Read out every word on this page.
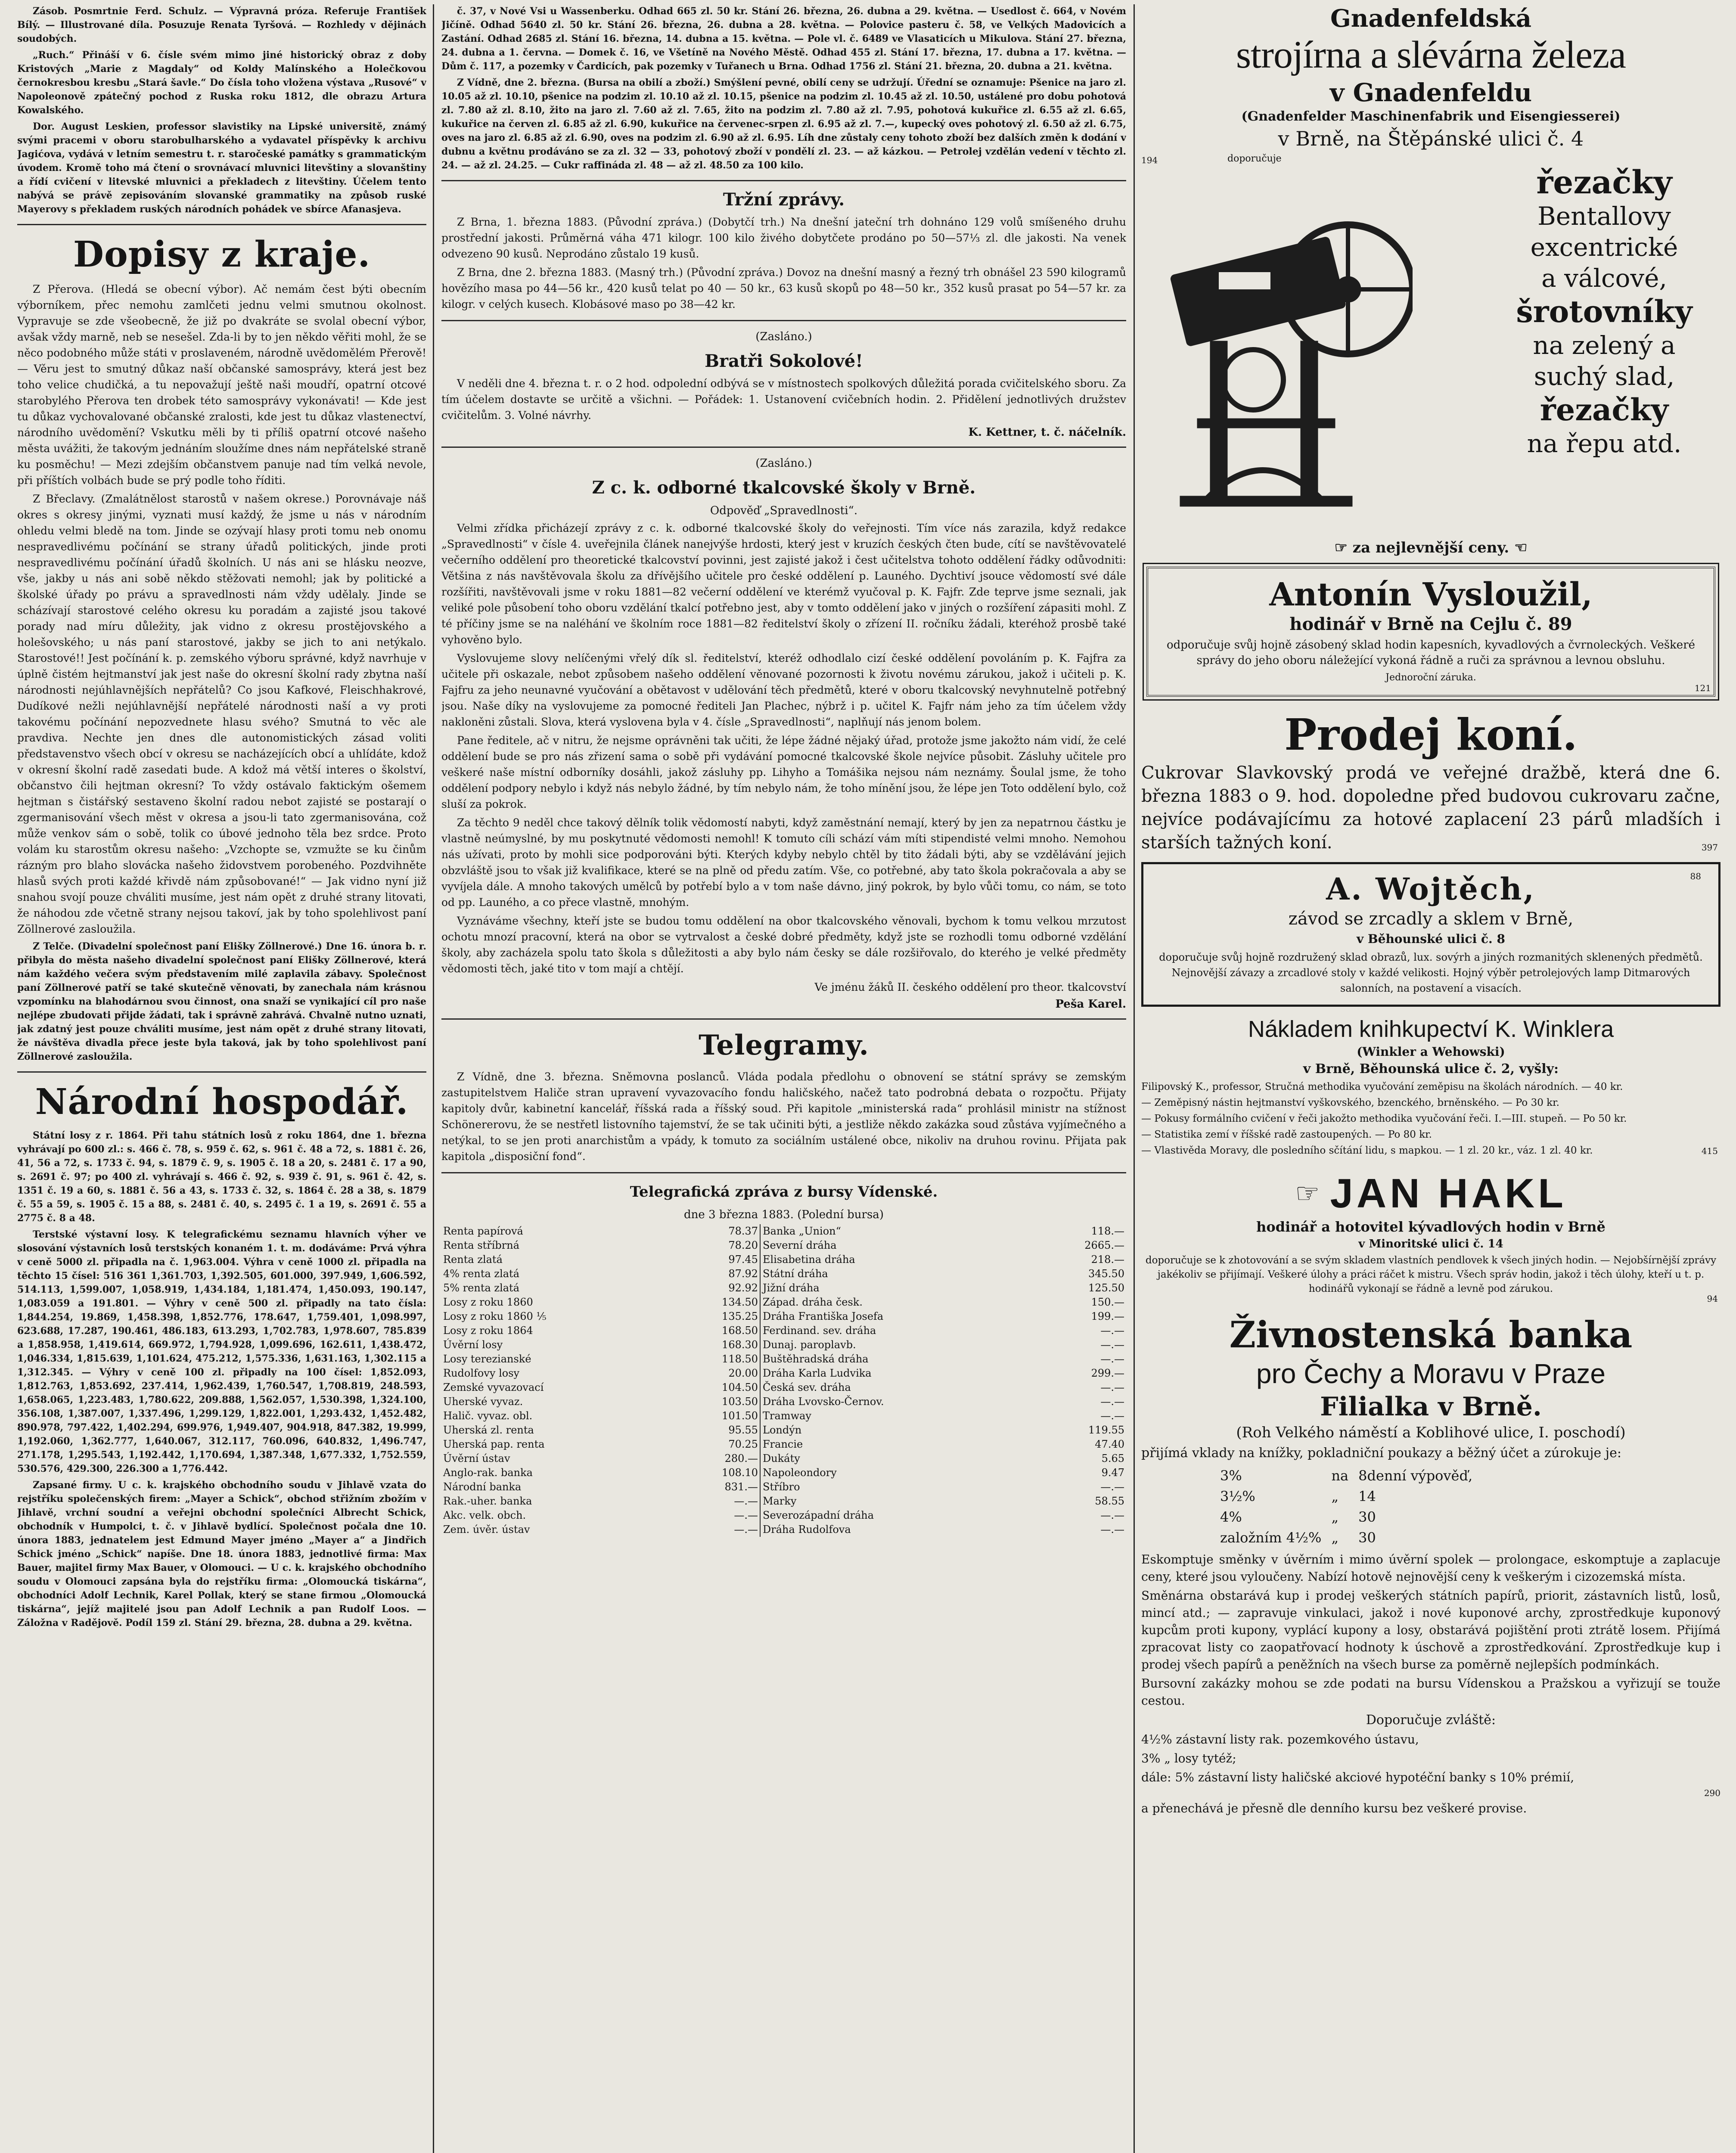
Zásob. Posmrtnie Ferd. Schulz. — Výpravná próza. Referuje František Bílý. — Illustrované díla. Posuzuje Renata Tyršová. — Rozhledy v dějinách soudobých.

„Ruch.“ Přináší v 6. čísle svém mimo jiné historický obraz z doby Kristových „Marie z Magdaly“ od Koldy Malínského a Holečkovou černokresbou kresbu „Stará šavle.“ Do čísla toho vložena výstava „Rusové“ v Napoleonově zpátečný pochod z Ruska roku 1812, dle obrazu Artura Kowalského.

Dor. August Leskien, professor slavistiky na Lipské universitě, známý svými pracemi v oboru starobulharského a vydavatel příspěvky k archivu Jagićova, vydává v letním semestru t. r. staročeské památky s grammatickým úvodem. Kromě toho má čtení o srovnávací mluvnici litevštiny a slovanštiny a řídí cvičení v litevské mluvnici a překladech z litevštiny. Účelem tento nabývá se právě zepisováním slovanské grammatiky na způsob ruské Mayerovy s překladem ruských národních pohádek ve sbírce Afanasjeva.

Dopisy z kraje.

Z Přerova. (Hledá se obecní výbor). Ač nemám čest býti obecním výborníkem, přec nemohu zamlčeti jednu velmi smutnou okolnost. Vypravuje se zde všeobecně, že již po dvakráte se svolal obecní výbor, avšak vždy marně, neb se nesešel. Zda-li by to jen někdo věřiti mohl, že se něco podobného může státi v proslaveném, národně uvědomělém Přerově! — Věru jest to smutný důkaz naší občanské samosprávy, která jest bez toho velice chudičká, a tu nepovažují ještě naši moudří, opatrní otcové starobylého Přerova ten drobek této samosprávy vykonávati! — Kde jest tu důkaz vychovalované občanské zralosti, kde jest tu důkaz vlastenectví, národního uvědomění? Vskutku měli by ti příliš opatrní otcové našeho města uvážiti, že takovým jednáním sloužíme dnes nám nepřátelské straně ku posměchu! — Mezi zdejším občanstvem panuje nad tím velká nevole, při příštích volbách bude se prý podle toho říditi.

Z Břeclavy. (Zmalátnělost starostů v našem okrese.) Porovnávaje náš okres s okresy jinými, vyznati musí každý, že jsme u nás v národním ohledu velmi bledě na tom. Jinde se ozývají hlasy proti tomu neb onomu nespravedlivému počínání se strany úřadů politických, jinde proti nespravedlivému počínání úřadů školních. U nás ani se hlásku neozve, vše, jakby u nás ani sobě někdo stěžovati nemohl; jak by politické a školské úřady po právu a spravedlnosti nám vždy udělaly. Jinde se scházívají starostové celého okresu ku poradám a zajisté jsou takové porady nad míru důležity, jak vidno z okresu prostějovského a holešovského; u nás paní starostové, jakby se jich to ani netýkalo. Starostové!! Jest počínání k. p. zemského výboru správné, když navrhuje v úplně čistém hejtmanství jak jest naše do okresní školní rady zbytna naší národnosti nejúhlavnějších nepřátelů? Co jsou Kafkové, Fleischhakrové, Dudíkové nežli nejúhlavnější nepřátelé národnosti naší a vy proti takovému počínání nepozvednete hlasu svého? Smutná to věc ale pravdiva. Nechte jen dnes dle autonomistických zásad voliti představenstvo všech obcí v okresu se nacházejících obcí a uhlídáte, kdož v okresní školní radě zasedati bude. A kdož má větší interes o školství, občanstvo čili hejtman okresní? To vždy ostávalo faktickým ošemem hejtman s čistářský sestaveno školní radou nebot zajisté se postarají o zgermanisování všech měst v okresa a jsou-li tato zgermanisována, což může venkov sám o sobě, tolik co úbové jednoho těla bez srdce. Proto volám ku starostům okresu našeho: „Vzchopte se, vzmužte se ku činům rázným pro blaho slovácka našeho židovstvem porobeného. Pozdvihněte hlasů svých proti každé křivdě nám způsobované!“ — Jak vidno nyní již snahou svojí pouze chváliti musíme, jest nám opět z druhé strany litovati, že náhodou zde včetně strany nejsou takoví, jak by toho spolehlivost paní Zöllnerové zasloužila.

Z Telče. (Divadelní společnost paní Elišky Zöllnerové.) Dne 16. února b. r. přibyla do města našeho divadelní společnost paní Elišky Zöllnerové, která nám každého večera svým představením milé zaplavila zábavy. Společnost paní Zöllnerové patří se také skutečně věnovati, by zanechala nám krásnou vzpomínku na blahodárnou svou činnost, ona snaží se vynikající cíl pro naše nejlépe zbudovati přijde žádati, tak i správně zahrává. Chvalně nutno uznati, jak zdatný jest pouze chváliti musíme, jest nám opět z druhé strany litovati, že návštěva divadla přece jeste byla taková, jak by toho spolehlivost paní Zöllnerové zasloužila.

Národní hospodář.

Státní losy z r. 1864. Při tahu státních losů z roku 1864, dne 1. března vyhrávají po 600 zl.: s. 466 č. 78, s. 959 č. 62, s. 961 č. 48 a 72, s. 1881 č. 26, 41, 56 a 72, s. 1733 č. 94, s. 1879 č. 9, s. 1905 č. 18 a 20, s. 2481 č. 17 a 90, s. 2691 č. 97; po 400 zl. vyhrávají s. 466 č. 92, s. 939 č. 91, s. 961 č. 42, s. 1351 č. 19 a 60, s. 1881 č. 56 a 43, s. 1733 č. 32, s. 1864 č. 28 a 38, s. 1879 č. 55 a 59, s. 1905 č. 15 a 88, s. 2481 č. 40, s. 2495 č. 1 a 19, s. 2691 č. 55 a 2775 č. 8 a 48.

Terstské výstavní losy. K telegrafickému seznamu hlavních výher ve slosování výstavních losů terstských konaném 1. t. m. dodáváme: Prvá výhra v ceně 5000 zl. připadla na č. 1,963.004. Výhra v ceně 1000 zl. připadla na těchto 15 čísel: 516 361 1,361.703, 1,392.505, 601.000, 397.949, 1,606.592, 514.113, 1,599.007, 1,058.919, 1,434.184, 1,181.474, 1,450.093, 190.147, 1,083.059 a 191.801. — Výhry v ceně 500 zl. připadly na tato čísla: 1,844.254, 19.869, 1,458.398, 1,852.776, 178.647, 1,759.401, 1,098.997, 623.688, 17.287, 190.461, 486.183, 613.293, 1,702.783, 1,978.607, 785.839 a 1,858.958, 1,419.614, 669.972, 1,794.928, 1,099.696, 162.611, 1,438.472, 1,046.334, 1,815.639, 1,101.624, 475.212, 1,575.336, 1,631.163, 1,302.115 a 1,312.345. — Výhry v ceně 100 zl. připadly na 100 čísel: 1,852.093, 1,812.763, 1,853.692, 237.414, 1,962.439, 1,760.547, 1,708.819, 248.593, 1,658.065, 1,223.483, 1,780.622, 209.888, 1,562.057, 1,530.398, 1,324.100, 356.108, 1,387.007, 1,337.496, 1,299.129, 1,822.001, 1,293.432, 1,452.482, 890.978, 797.422, 1,402.294, 699.976, 1,949.407, 904.918, 847.382, 19.999, 1,192.060, 1,362.777, 1,640.067, 312.117, 760.096, 640.832, 1,496.747, 271.178, 1,295.543, 1,192.442, 1,170.694, 1,387.348, 1,677.332, 1,752.559, 530.576, 429.300, 226.300 a 1,776.442.

Zapsané firmy. U c. k. krajského obchodního soudu v Jihlavě vzata do rejstříku společenských firem: „Mayer a Schick“, obchod střižním zbožím v Jihlavě, vrchní soudní a veřejni obchodní společníci Albrecht Schick, obchodník v Humpolci, t. č. v Jihlavě bydlící. Společnost počala dne 10. února 1883, jednatelem jest Edmund Mayer jméno „Mayer a“ a Jindřich Schick jméno „Schick“ napíše. Dne 18. února 1883, jednotlivé firma: Max Bauer, majitel firmy Max Bauer, v Olomouci. — U c. k. krajského obchodního soudu v Olomouci zapsána byla do rejstříku firma: „Olomoucká tiskárna“, obchodníci Adolf Lechnik, Karel Pollak, který se stane firmou „Olomoucká tiskárna“, jejíž majitelé jsou pan Adolf Lechnik a pan Rudolf Loos. — Záložna v Radějově. Podíl 159 zl. Stání 29. března, 28. dubna a 29. května.

č. 37, v Nové Vsi u Wassenberku. Odhad 665 zl. 50 kr. Stání 26. března, 26. dubna a 29. května. — Usedlost č. 664, v Novém Jičíně. Odhad 5640 zl. 50 kr. Stání 26. března, 26. dubna a 28. května. — Polovice pasteru č. 58, ve Velkých Madovicích a Zastání. Odhad 2685 zl. Stání 16. března, 14. dubna a 15. května. — Pole vl. č. 6489 ve Vlasaticích u Mikulova. Stání 27. března, 24. dubna a 1. června. — Domek č. 16, ve Všetíně na Nového Městě. Odhad 455 zl. Stání 17. března, 17. dubna a 17. května. — Dům č. 117, a pozemky v Čardicích, pak pozemky v Tuřanech u Brna. Odhad 1756 zl. Stání 21. března, 20. dubna a 21. května.

Z Vídně, dne 2. března. (Bursa na obilí a zboží.) Smýšlení pevné, obilí ceny se udržují. Úřední se oznamuje: Pšenice na jaro zl. 10.05 až zl. 10.10, pšenice na podzim zl. 10.10 až zl. 10.15, pšenice na podzim zl. 10.45 až zl. 10.50, ustálené pro dobu pohotová zl. 7.80 až zl. 8.10, žito na jaro zl. 7.60 až zl. 7.65, žito na podzim zl. 7.80 až zl. 7.95, pohotová kukuřice zl. 6.55 až zl. 6.65, kukuřice na červen zl. 6.85 až zl. 6.90, kukuřice na červenec-srpen zl. 6.95 až zl. 7.—, kupecký oves pohotový zl. 6.50 až zl. 6.75, oves na jaro zl. 6.85 až zl. 6.90, oves na podzim zl. 6.90 až zl. 6.95. Líh dne zůstaly ceny tohoto zboží bez dalších změn k dodání v dubnu a květnu prodáváno se za zl. 32 — 33, pohotový zboží v pondělí zl. 23. — až kázkou. — Petrolej vzdělán vedení v těchto zl. 24. — až zl. 24.25. — Cukr raffináda zl. 48 — až zl. 48.50 za 100 kilo.

Tržní zprávy.

Z Brna, 1. března 1883. (Původní zpráva.) (Dobytčí trh.) Na dnešní jateční trh dohnáno 129 volů smíšeného druhu prostřední jakosti. Průměrná váha 471 kilogr. 100 kilo živého dobytčete prodáno po 50—57⅓ zl. dle jakosti. Na venek odvezeno 90 kusů. Neprodáno zůstalo 19 kusů.

Z Brna, dne 2. března 1883. (Masný trh.) (Původní zpráva.) Dovoz na dnešní masný a řezný trh obnášel 23 590 kilogramů hovězího masa po 44—56 kr., 420 kusů telat po 40 — 50 kr., 63 kusů skopů po 48—50 kr., 352 kusů prasat po 54—57 kr. za kilogr. v celých kusech. Klobásové maso po 38—42 kr.

(Zasláno.)
Bratři Sokolové!

V neděli dne 4. března t. r. o 2 hod. odpolední odbývá se v místnostech spolkových důležitá porada cvičitelského sboru. Za tím účelem dostavte se určitě a všichni. — Pořádek: 1. Ustanovení cvičebních hodin. 2. Přidělení jednotlivých družstev cvičitelům. 3. Volné návrhy.

K. Kettner, t. č. náčelník.
(Zasláno.)
Z c. k. odborné tkalcovské školy v Brně.
Odpověď „Spravedlnosti“.

Velmi zřídka přicházejí zprávy z c. k. odborné tkalcovské školy do veřejnosti. Tím více nás zarazila, když redakce „Spravedlnosti“ v čísle 4. uveřejnila článek nanejvýše hrdosti, který jest v kruzích českých čten bude, cítí se navštěvovatelé večerního oddělení pro theoretické tkalcovství povinni, jest zajisté jakož i čest učitelstva tohoto oddělení řádky odůvodniti: Většina z nás navštěvovala školu za dřívějšího učitele pro české oddělení p. Launého. Dychtiví jsouce vědomostí své dále rozšířiti, navštěvovali jsme v roku 1881—82 večerní oddělení ve kterémž vyučoval p. K. Fajfr. Zde teprve jsme seznali, jak veliké pole působení toho oboru vzdělání tkalcí potřebno jest, aby v tomto oddělení jako v jiných o rozšíření zápasiti mohl. Z té příčiny jsme se na naléhání ve školním roce 1881—82 ředitelství školy o zřízení II. ročníku žádali, kteréhož prosbě také vyhověno bylo.

Vyslovujeme slovy nelíčenými vřelý dík sl. ředitelství, kteréž odhodlalo cizí české oddělení povoláním p. K. Fajfra za učitele při oskazale, nebot způsobem našeho oddělení věnované pozornosti k životu novému zárukou, jakož i učiteli p. K. Fajfru za jeho neunavné vyučování a obětavost v udělování těch předmětů, které v oboru tkalcovský nevyhnutelně potřebný jsou. Naše díky na vyslovujeme za pomocné řediteli Jan Plachec, nýbrž i p. učitel K. Fajfr nám jeho za tím účelem vždy nakloněni zůstali. Slova, která vyslovena byla v 4. čísle „Spravedlnosti“, naplňují nás jenom bolem.

Pane ředitele, ač v nitru, že nejsme oprávněni tak učiti, že lépe žádné nějaký úřad, protože jsme jakožto nám vidí, že celé oddělení bude se pro nás zřizení sama o sobě při vydávání pomocné tkalcovské škole nejvíce působit. Zásluhy učitele pro veškeré naše místní odborníky dosáhli, jakož zásluhy pp. Lihyho a Tomášika nejsou nám neznámy. Šoulal jsme, že toho oddělení podpory nebylo i když nás nebylo žádné, by tím nebylo nám, že toho mínění jsou, že lépe jen Toto oddělení bylo, což sluší za pokrok.

Za těchto 9 neděl chce takový dělník tolik vědomostí nabyti, když zaměstnání nemají, který by jen za nepatrnou částku je vlastně neúmyslné, by mu poskytnuté vědomosti nemohl! K tomuto cíli schází vám míti stipendisté velmi mnoho. Nemohou nás užívati, proto by mohli sice podporováni býti. Kterých kdyby nebylo chtěl by tito žádali býti, aby se vzdělávání jejich obzvláště jsou to však již kvalifikace, které se na plně od předu zatím. Vše, co potřebné, aby tato škola pokračovala a aby se vyvíjela dále. A mnoho takových umělců by potřebí bylo a v tom naše dávno, jiný pokrok, by bylo vůči tomu, co nám, se toto od pp. Launého, a co přece vlastně, mnohým.

Vyznáváme všechny, kteří jste se budou tomu oddělení na obor tkalcovského věnovali, bychom k tomu velkou mrzutost ochotu mnozí pracovní, která na obor se vytrvalost a české dobré předměty, když jste se rozhodli tomu odborné vzdělání školy, aby zacházela spolu tato škola s důležitosti a aby bylo nám česky se dále rozšiřovalo, do kterého je velké předměty vědomosti těch, jaké tito v tom mají a chtějí.

Ve jménu žáků II. českého oddělení pro theor. tkalcovství

Peša Karel.
Telegramy.

Z Vídně, dne 3. března. Sněmovna poslanců. Vláda podala předlohu o obnovení se státní správy se zemským zastupitelstvem Haliče stran upravení vyvazovacího fondu haličského, načež tato podrobná debata o rozpočtu. Přijaty kapitoly dvůr, kabinetní kancelář, říšská rada a říšský soud. Při kapitole „ministerská rada“ prohlásil ministr na stížnost Schönererovu, že se nestřetl listovního tajemství, že se tak učiniti býti, a jestliže někdo zakázka soud zůstáva vyjímečného a netýkal, to se jen proti anarchistům a vpády, k tomuto za sociálním ustálené obce, nikoliv na druhou rovinu. Přijata pak kapitola „disposiční fond“.

Telegrafická zpráva z bursy Vídenské.
dne 3 března 1883. (Polední bursa)
Renta papírová	78.37		Banka „Union“	118.—
Renta stříbrná	78.20		Severní dráha	2665.—
Renta zlatá	97.45		Elisabetina dráha	218.—
4% renta zlatá	87.92		Státní dráha	345.50
5% renta zlatá	92.92		Jižní dráha	125.50
Losy z roku 1860	134.50		Západ. dráha česk.	150.—
Losy z roku 1860 ⅕	135.25		Dráha Františka Josefa	199.—
Losy z roku 1864	168.50		Ferdinand. sev. dráha	—.—
Úvěrní losy	168.30		Dunaj. paroplavb.	—.—
Losy terezianské	118.50		Buštěhradská dráha	—.—
Rudolfovy losy	20.00		Dráha Karla Ludvika	299.—
Zemské vyvazovací	104.50		Česká sev. dráha	—.—
Uherské vyvaz.	103.50		Dráha Lvovsko-Černov.	—.—
Halič. vyvaz. obl.	101.50		Tramway	—.—
Uherská zl. renta	95.55		Londýn	119.55
Uherská pap. renta	70.25		Francie	47.40
Úvěrní ústav	280.—		Dukáty	5.65
Anglo-rak. banka	108.10		Napoleondory	9.47
Národní banka	831.—		Stříbro	—.—
Rak.-uher. banka	—.—		Marky	58.55
Akc. velk. obch.	—.—		Severozápadní dráha	—.—
Zem. úvěr. ústav	—.—		Dráha Rudolfova	—.—
Gnadenfeldská
strojírna a slévárna železa
v Gnadenfeldu
(Gnadenfelder Maschinenfabrik und Eisengiesserei)
v Brně, na Štěpánské ulici č. 4
194	doporučuje
řezačky
Bentallovy
excentrické
a válcové,
šrotovníky
na zelený a
suchý slad,
řezačky
na řepu atd.
☞ za nejlevnější ceny. ☜
Antonín Vysloužil,
hodinář v Brně na Cejlu č. 89

odporučuje svůj hojně zásobený sklad hodin kapesních, kyvadlových a čvrnoleckých. Veškeré správy do jeho oboru náležející vykoná řádně a ruči za správnou a levnou obsluhu.

Jednoroční záruka.

121
Prodej koní.

Cukrovar Slavkovský prodá ve veřejné dražbě, která dne 6. března 1883 o 9. hod. dopoledne před budovou cukrovaru začne, nejvíce podávajícímu za hotové zaplacení 23 párů mladších i starších tažných koní.	397
A. Wojtěch,	88
závod se zrcadly a sklem v Brně,
v Běhounské ulici č. 8

doporučuje svůj hojně rozdružený sklad obrazů, lux. sovýrh a jiných rozmanitých sklenených předmětů. Nejnovější závazy a zrcadlové stoly v každé velikosti. Hojný výběr petrolejových lamp Ditmarových salonních, na postavení a visacích.

Nákladem knihkupectví K. Winklera
(Winkler a Wehowski)
v Brně, Běhounská ulice č. 2, vyšly:

Filipovský K., professor, Stručná methodika vyučování zeměpisu na školách národních. — 40 kr.

— Zeměpisný nástin hejtmanství vyškovského, bzenckého, brněnského. — Po 30 kr.

— Pokusy formálního cvičení v řeči jakožto methodika vyučování řeči. I.—III. stupeň. — Po 50 kr.

— Statistika zemí v říšské radě zastoupených. — Po 80 kr.

— Vlastivěda Moravy, dle posledního sčítání lidu, s mapkou. — 1 zl. 20 kr., váz. 1 zl. 40 kr.	415
☞ JAN HAKL
hodinář a hotovitel kývadlových hodin v Brně
v Minoritské ulici č. 14

doporučuje se k zhotovování a se svým skladem vlastních pendlovek k všech jiných hodin. — Nejobšírnější zprávy jakékoliv se přijímají. Veškeré úlohy a práci ráčet k mistru. Všech správ hodin, jakož i těch úlohy, kteří u t. p. hodinářů vykonají se řádně a levně pod zárukou.

94
Živnostenská banka
pro Čechy a Moravu v Praze
Filialka v Brně.
(Roh Velkého náměstí a Koblihové ulice, I. poschodí)

přijímá vklady na knížky, pokladniční poukazy a běžný účet a zúrokuje je:

3%	na	8denní výpověď,
3½%	„	14
4%	„	30
založním 4½%	„	30

Eskomptuje směnky v úvěrním i mimo úvěrní spolek — prolongace, eskomptuje a zaplacuje ceny, které jsou vyloučeny. Nabízí hotově nejnovější ceny k veškerým i cizozemská místa.

Směnárna obstarává kup i prodej veškerých státních papírů, priorit, zástavních listů, losů, mincí atd.; — zapravuje vinkulaci, jakož i nové kuponové archy, zprostředkuje kuponový kupcům proti kupony, vyplácí kupony a losy, obstarává pojištění proti ztrátě losem. Přijímá zpracovat listy co zaopatřovací hodnoty k úschově a zprostředkování. Zprostředkuje kup i prodej všech papírů a peněžních na všech burse za poměrně nejlepších podmínkách.

Bursovní zakázky mohou se zde podati na bursu Vídenskou a Pražskou a vyřizují se touže cestou.

Doporučuje zvláště:

4½% zástavní listy rak. pozemkového ústavu,

3% „ losy tytéž;

dále: 5% zástavní listy haličské akciové hypotéční banky s 10% prémií,

290

a přenechává je přesně dle denního kursu bez veškeré provise.
